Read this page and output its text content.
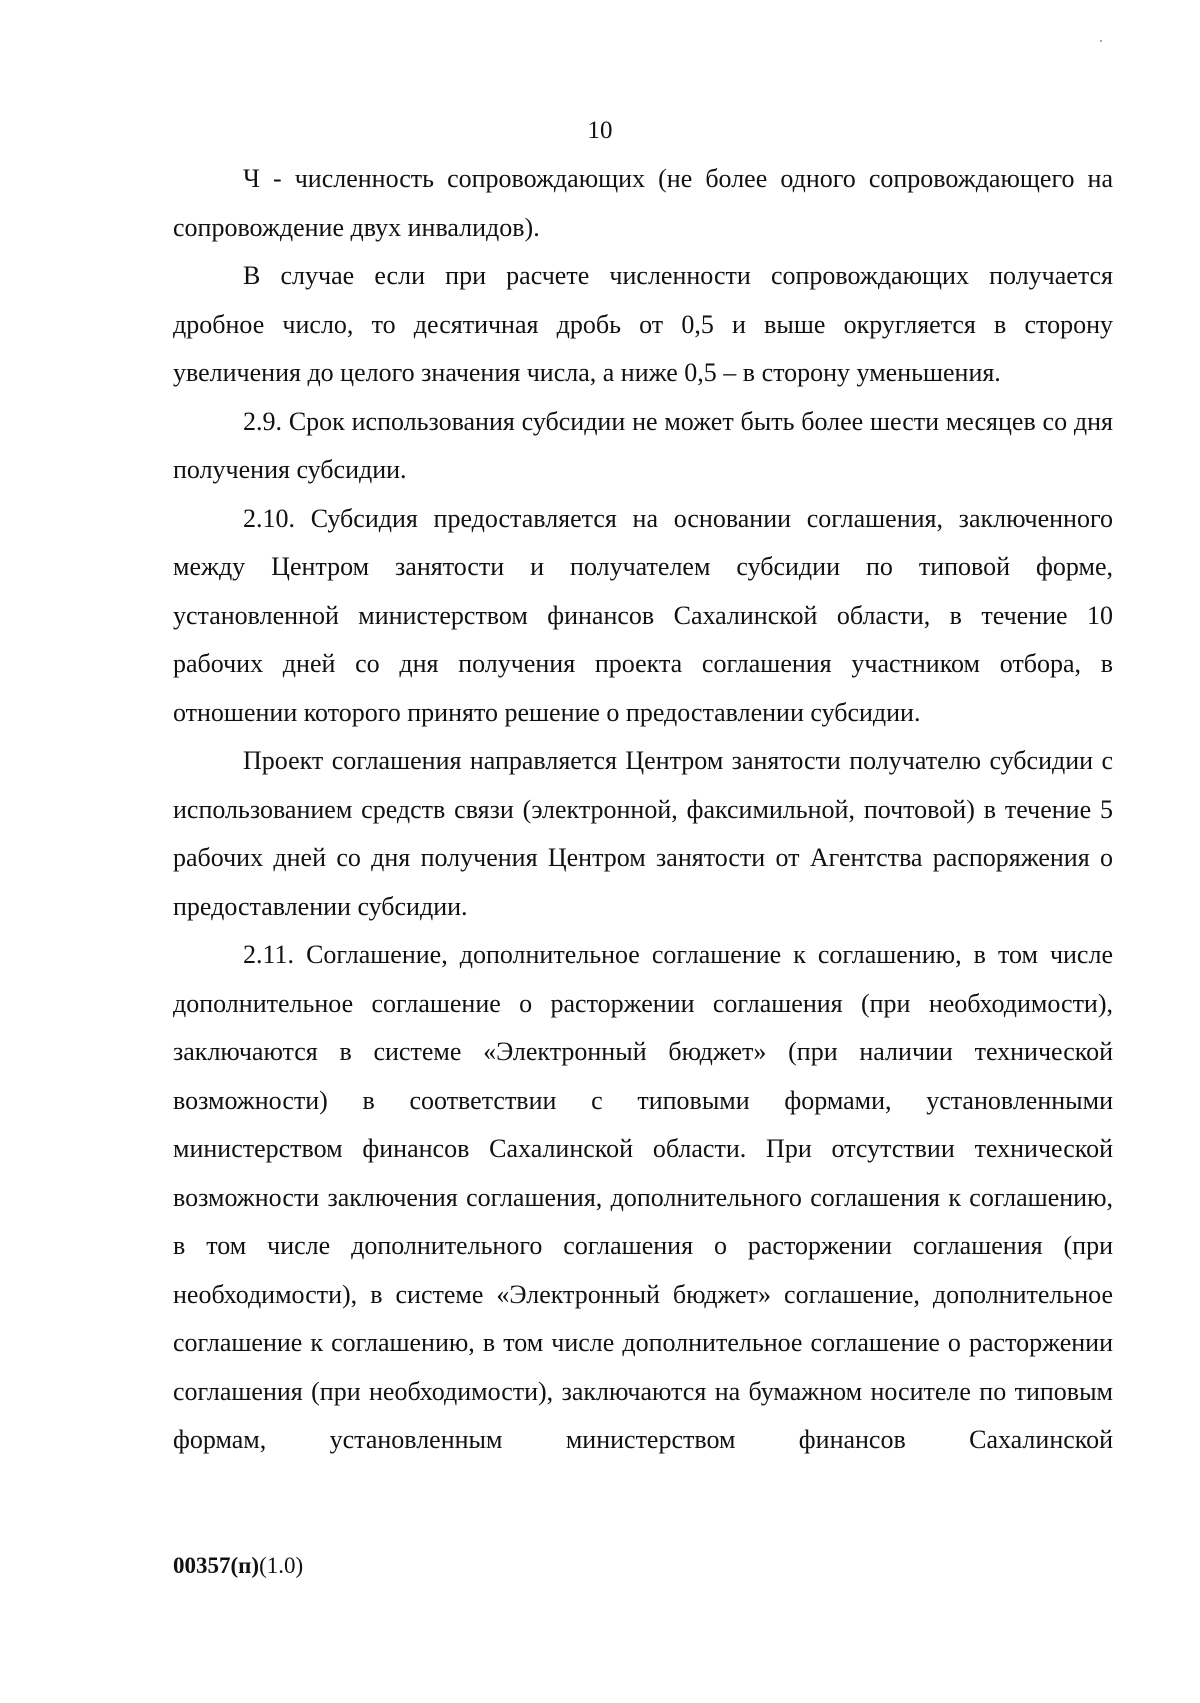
10

Ч - численность сопровождающих (не более одного сопровождающего на сопровождение двух инвалидов).

В случае если при расчете численности сопровождающих получается дробное число, то десятичная дробь от 0,5 и выше округляется в сторону увеличения до целого значения числа, а ниже 0,5 – в сторону уменьшения.

2.9. Срок использования субсидии не может быть более шести месяцев со дня получения субсидии.

2.10. Субсидия предоставляется на основании соглашения, заключенного между Центром занятости и получателем субсидии по типовой форме, установленной министерством финансов Сахалинской области, в течение 10 рабочих дней со дня получения проекта соглашения участником отбора, в отношении которого принято решение о предоставлении субсидии.

Проект соглашения направляется Центром занятости получателю субсидии с использованием средств связи (электронной, факсимильной, почтовой) в течение 5 рабочих дней со дня получения Центром занятости от Агентства распоряжения о предоставлении субсидии.

2.11. Соглашение, дополнительное соглашение к соглашению, в том числе дополнительное соглашение о расторжении соглашения (при необходимости), заключаются в системе «Электронный бюджет» (при наличии технической возможности) в соответствии с типовыми формами, установленными министерством финансов Сахалинской области. При отсутствии технической возможности заключения соглашения, дополнительного соглашения к соглашению, в том числе дополнительного соглашения о расторжении соглашения (при необходимости), в системе «Электронный бюджет» соглашение, дополнительное соглашение к соглашению, в том числе дополнительное соглашение о расторжении соглашения (при необходимости), заключаются на бумажном носителе по типовым формам, установленным министерством финансов Сахалинской

00357(п)(1.0)
